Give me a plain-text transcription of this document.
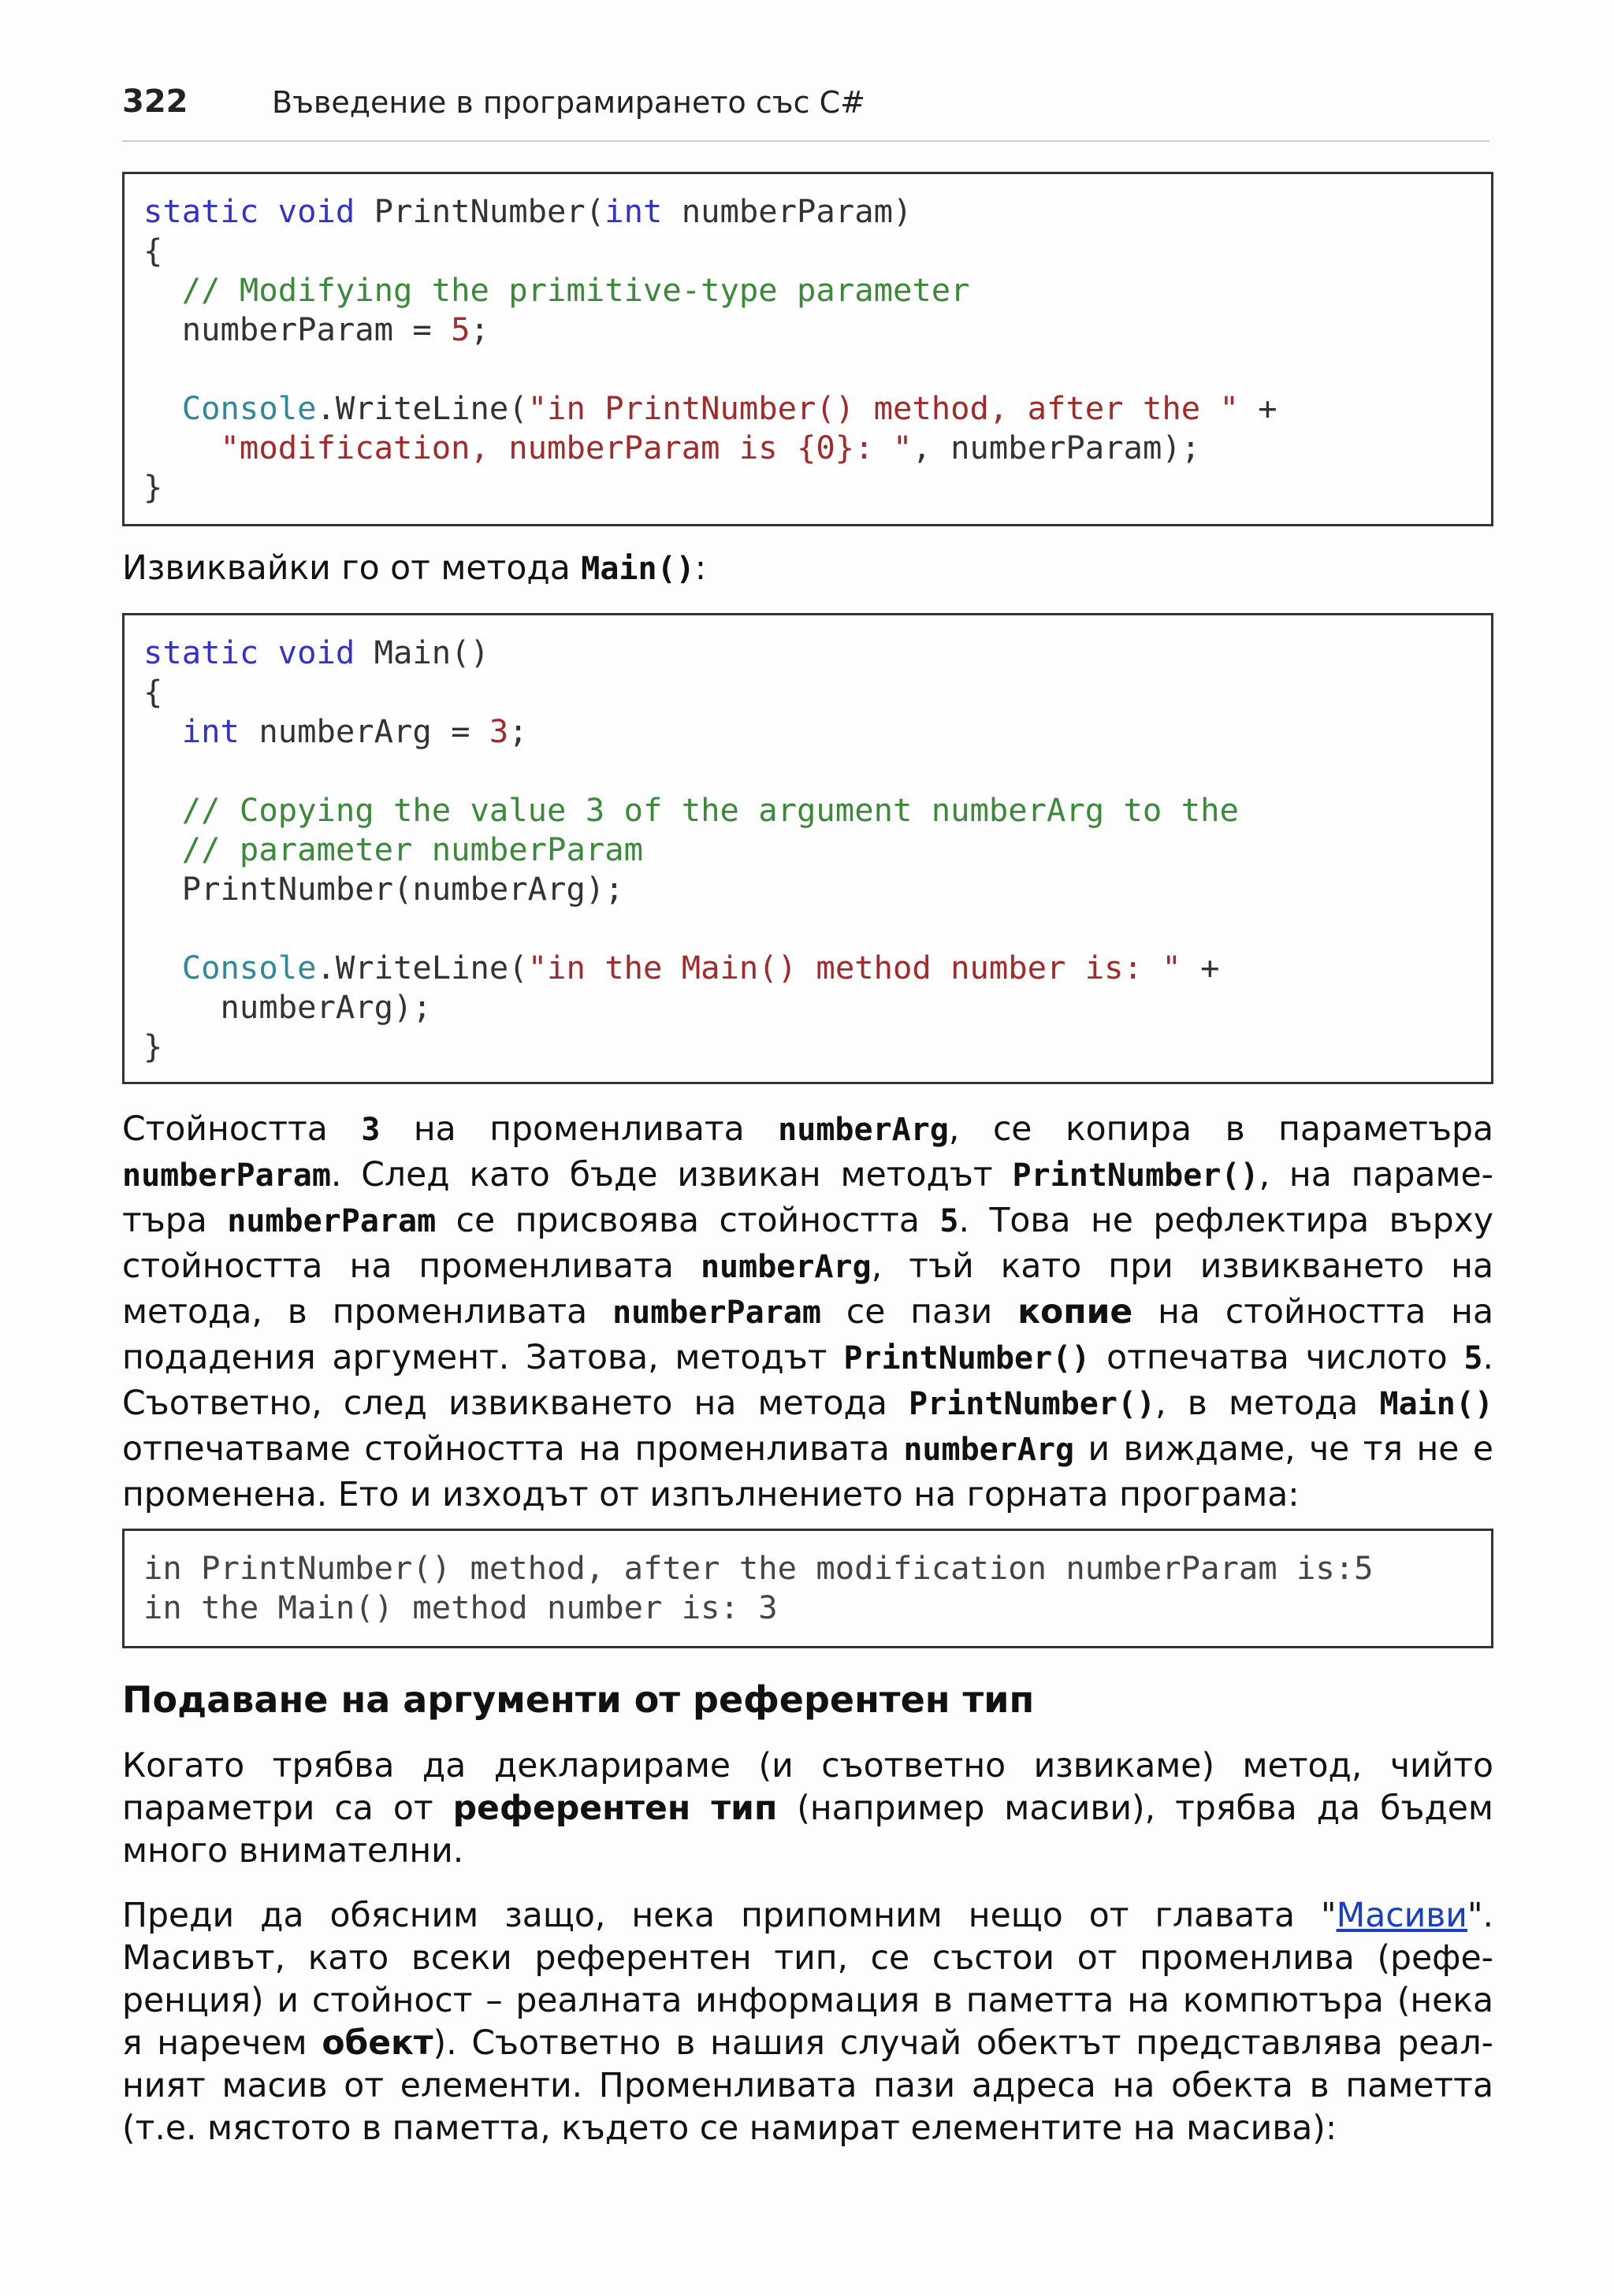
322	Въведение в програмирането със C#
static void PrintNumber(int numberParam)
{
// Modifying the primitive-type parameter
numberParam = 5;
Console.WriteLine("in PrintNumber() method, after the " +
"modification, numberParam is {0}: ", numberParam);
}
Извиквайки го от метода Main():
static void Main()
{
int numberArg = 3;
// Copying the value 3 of the argument numberArg to the
// parameter numberParam
PrintNumber(numberArg);
Console.WriteLine("in the Main() method number is: " +
numberArg);
}
Стойността 3 на променливата numberArg, се копира в параметъра numberParam. След като бъде извикан методът PrintNumber(), на параме-търа numberParam се присвоява стойността 5. Това не рефлектира върху стойността на променливата numberArg, тъй като при извикването на метода, в променливата numberParam се пази копие на стойността на подадения аргумент. Затова, методът PrintNumber() отпечатва числото 5. Съответно, след извикването на метода PrintNumber(), в метода Main() отпечатваме стойността на променливата numberArg и виждаме, че тя не е променена. Ето и изходът от изпълнението на горната програма:
in PrintNumber() method, after the modification numberParam is:5
in the Main() method number is: 3
Подаване на аргументи от референтен тип
Когато трябва да декларираме (и съответно извикаме) метод, чийто параметри са от референтен тип (например масиви), трябва да бъдем много внимателни.
Преди да обясним защо, нека припомним нещо от главата "Масиви". Масивът, като всеки референтен тип, се състои от променлива (рефе-ренция) и стойност – реалната информация в паметта на компютъра (нека я наречем обект). Съответно в нашия случай обектът представлява реал-ният масив от елементи. Променливата пази адреса на обекта в паметта (т.е. мястото в паметта, където се намират елементите на масива):
